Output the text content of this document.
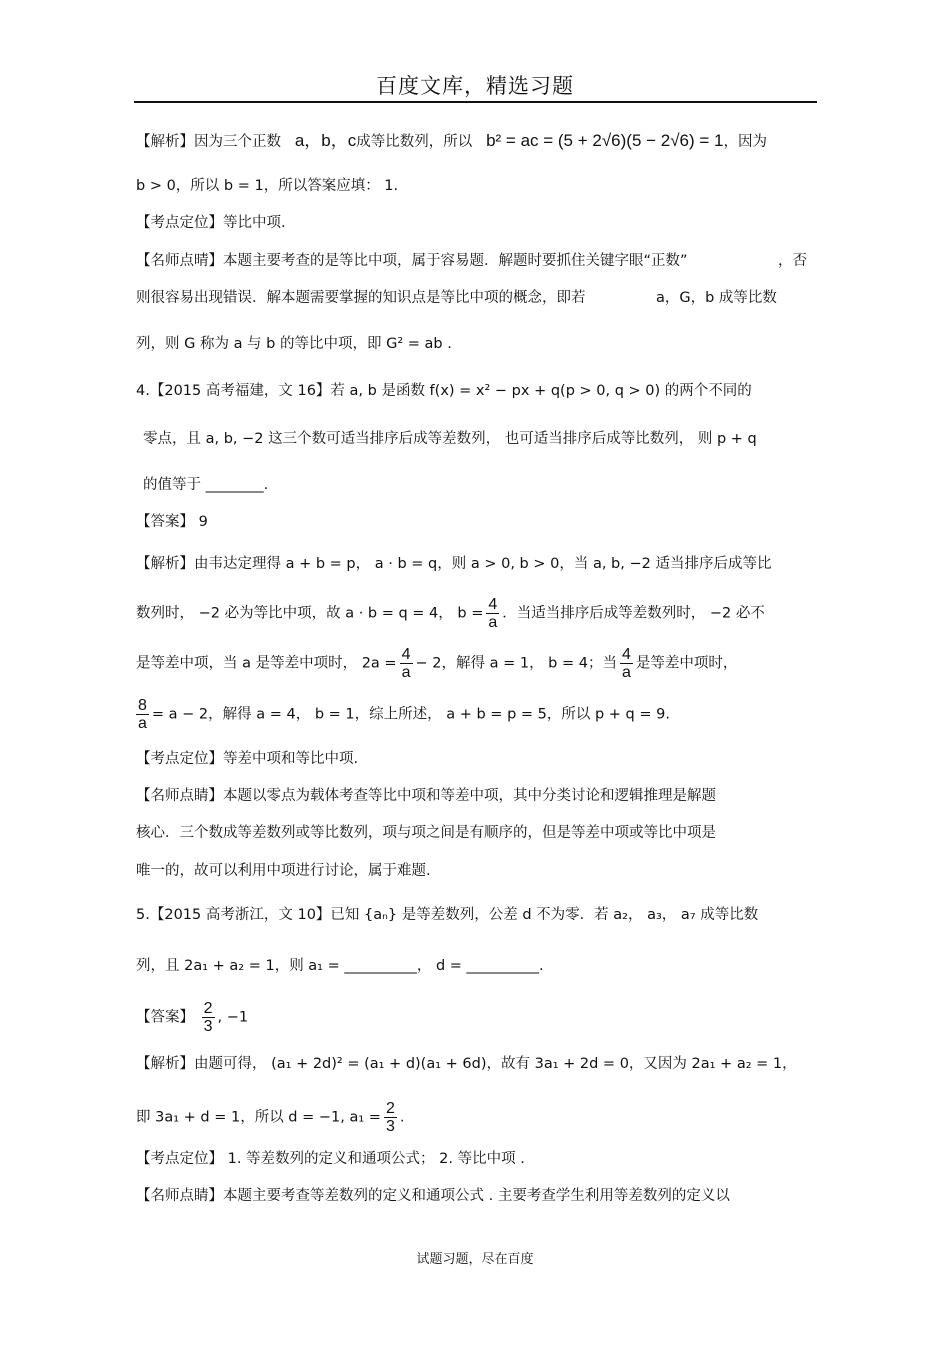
百度文库，精选习题
【解析】因为三个正数 a，b，c成等比数列，所以 b² = ac = (5 + 2√6)(5 − 2√6) = 1，因为
b > 0，所以 b = 1，所以答案应填： 1.
【考点定位】等比中项.
【名师点晴】本题主要考查的是等比中项，属于容易题．解题时要抓住关键字眼“正数”	，否
则很容易出现错误．解本题需要掌握的知识点是等比中项的概念，即若	a，G，b 成等比数
列，则 G 称为 a 与 b 的等比中项，即 G² = ab .
4.【2015 高考福建，文 16】若 a, b 是函数 f(x) = x² − px + q(p > 0, q > 0) 的两个不同的
零点，且 a, b, −2 这三个数可适当排序后成等差数列， 也可适当排序后成等比数列， 则 p + q
的值等于 ________.
【答案】 9
【解析】由韦达定理得 a + b = p， a · b = q，则 a > 0, b > 0，当 a, b, −2 适当排序后成等比
数列时， −2 必为等比中项，故 a · b = q = 4， $b = \frac{4}{a}$ ．当适当排序后成等差数列时， −2 必不
是等差中项，当 a 是等差中项时， $2a = \frac{4}{a} - 2$，解得 a = 1， b = 4；当 $\frac{4}{a}$ 是等差中项时，
$\frac{8}{a} = a - 2$，解得 a = 4， b = 1，综上所述， a + b = p = 5，所以 p + q = 9.
【考点定位】等差中项和等比中项.
【名师点睛】本题以零点为载体考查等比中项和等差中项，其中分类讨论和逻辑推理是解题
核心．三个数成等差数列或等比数列，项与项之间是有顺序的，但是等差中项或等比中项是
唯一的，故可以利用中项进行讨论，属于难题.
5.【2015 高考浙江，文 10】已知 {aₙ} 是等差数列，公差 d 不为零．若 a₂， a₃， a₇ 成等比数
列，且 2a₁ + a₂ = 1，则 a₁ = __________， d = __________.
【答案】 $\frac{2}{3}$ , −1
【解析】由题可得， (a₁ + 2d)² = (a₁ + d)(a₁ + 6d)，故有 3a₁ + 2d = 0，又因为 2a₁ + a₂ = 1，
即 3a₁ + d = 1，所以 d = −1, $a_1 = \frac{2}{3}$ .
【考点定位】 1. 等差数列的定义和通项公式； 2. 等比中项 .
【名师点睛】本题主要考查等差数列的定义和通项公式 . 主要考查学生利用等差数列的定义以
试题习题，尽在百度
